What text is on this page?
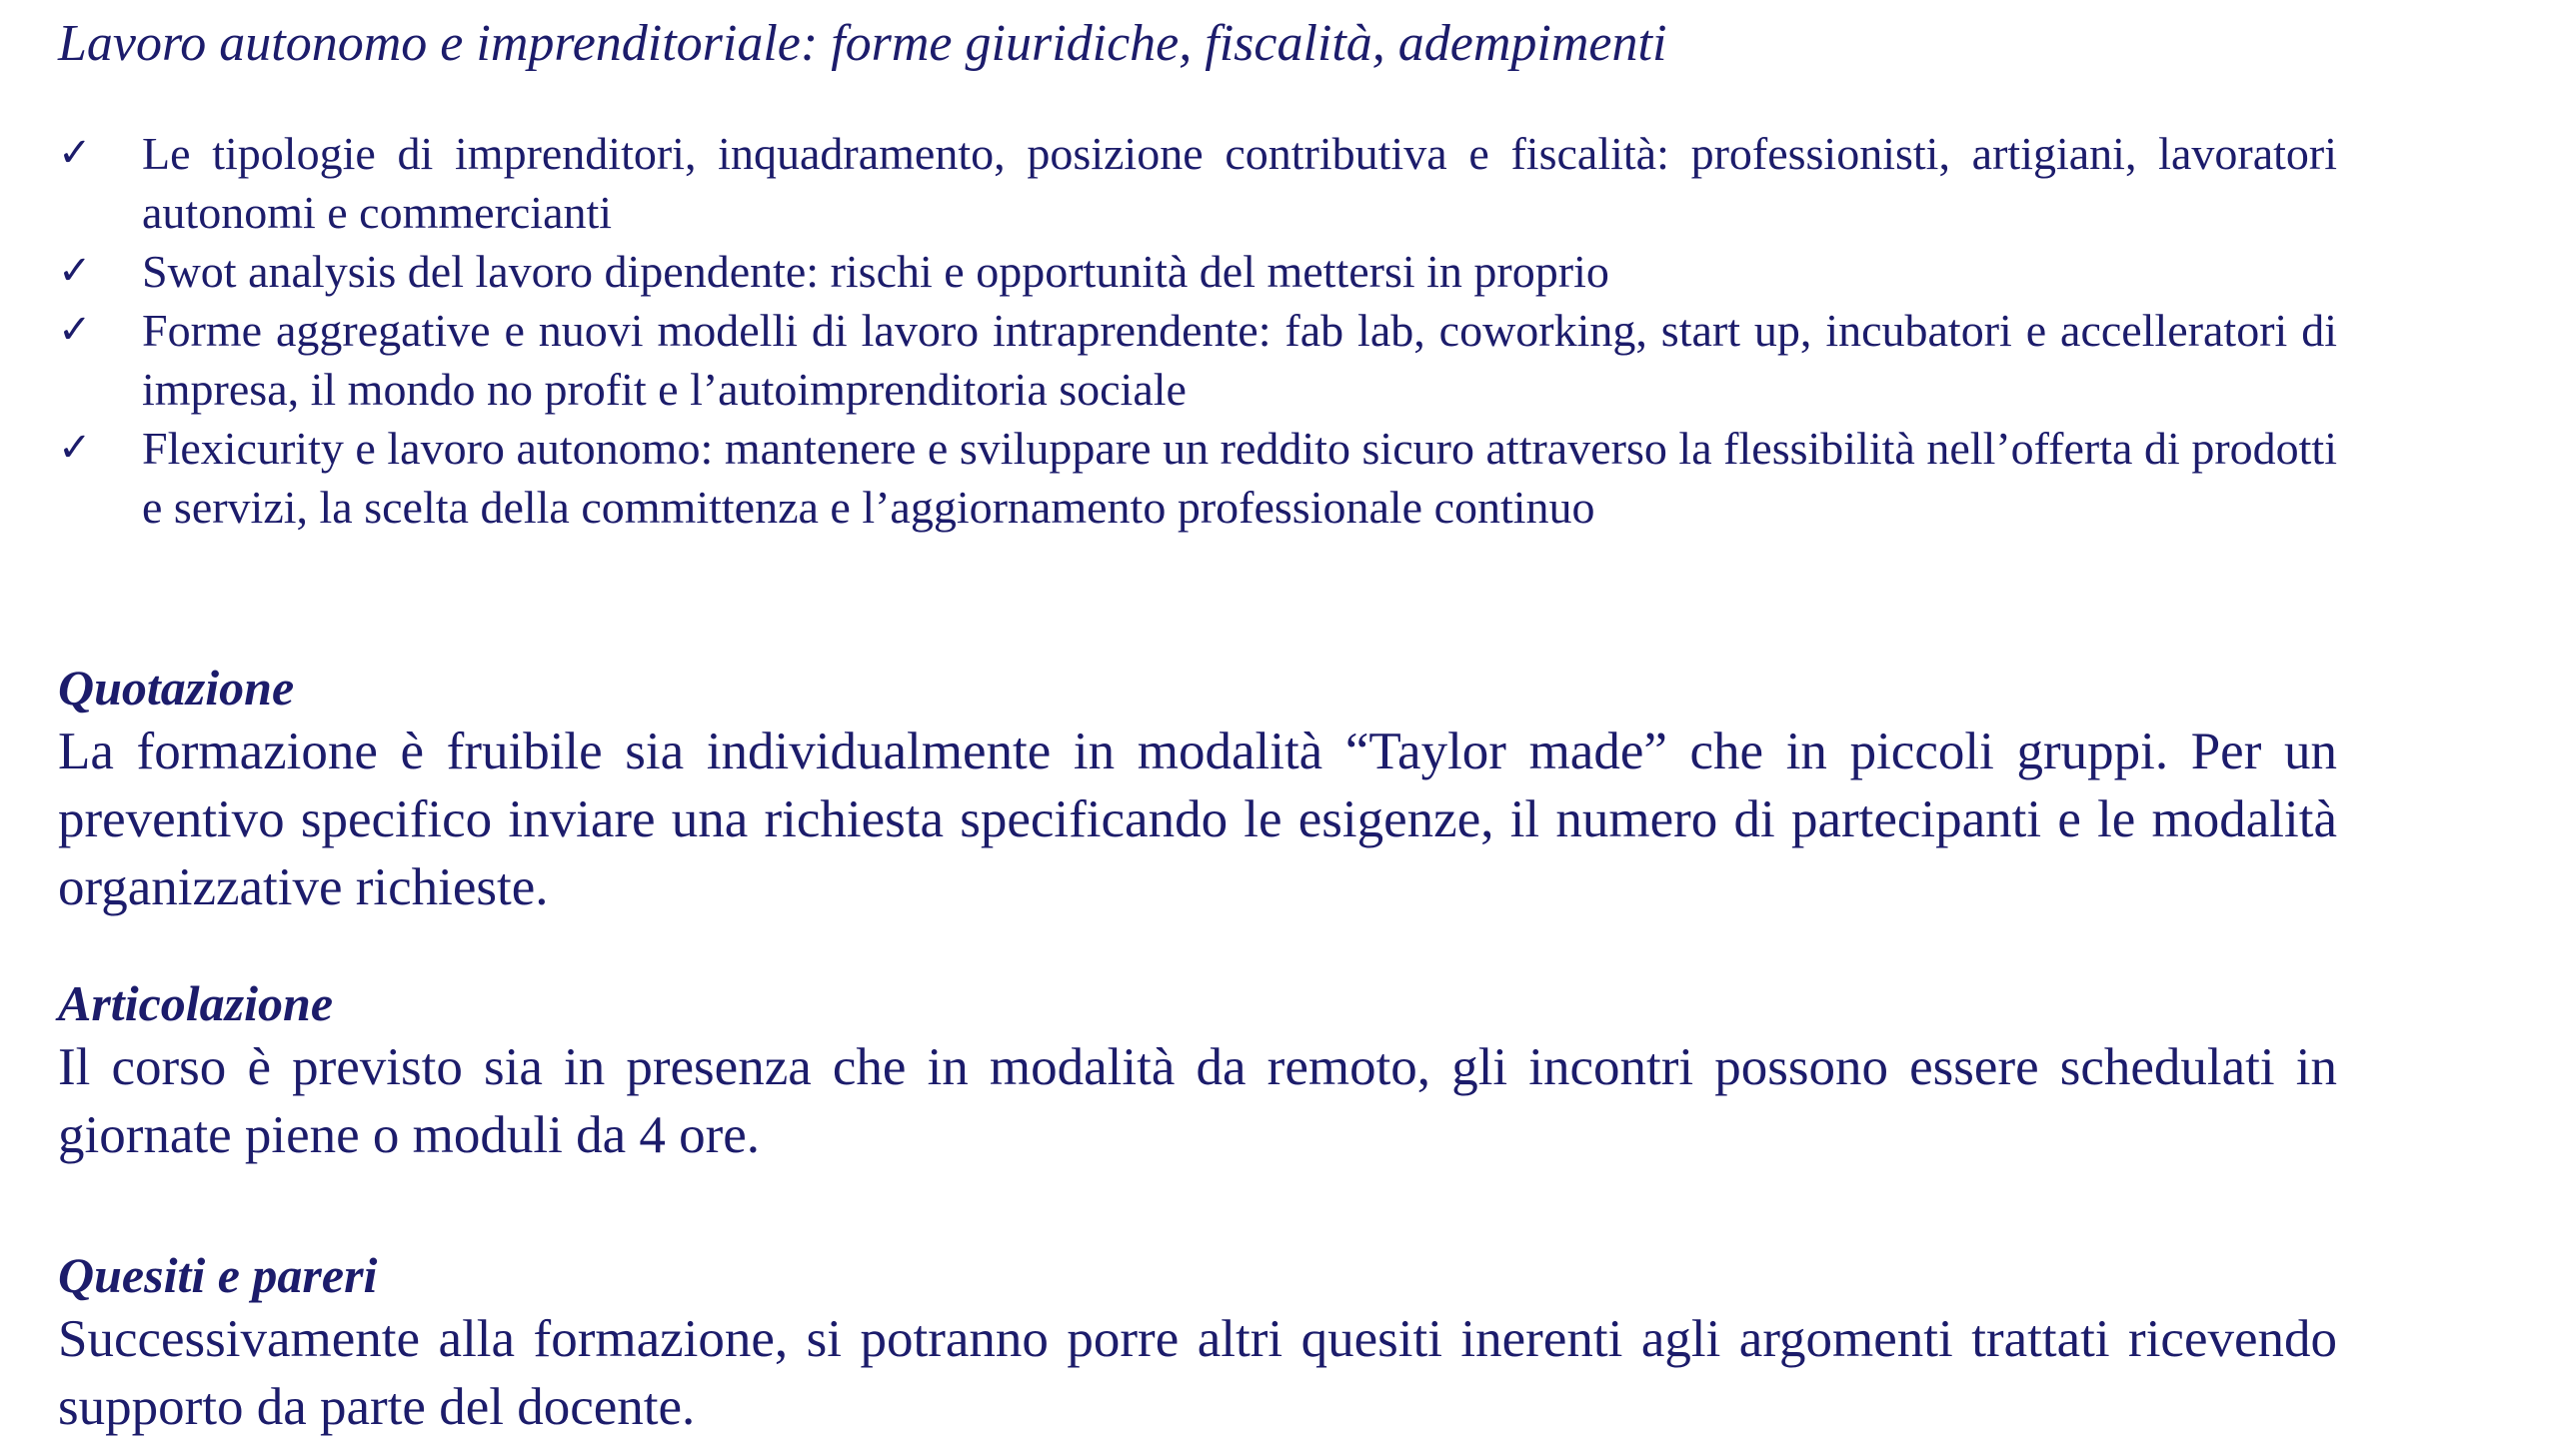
Lavoro autonomo e imprenditoriale: forme giuridiche, fiscalità, adempimenti
✓ Le tipologie di imprenditori, inquadramento, posizione contributiva e fiscalità: professionisti, artigiani, lavoratori autonomi e commercianti
✓ Swot analysis del lavoro dipendente: rischi e opportunità del mettersi in proprio
✓ Forme aggregative e nuovi modelli di lavoro intraprendente: fab lab, coworking, start up, incubatori e accelleratori di impresa, il mondo no profit e l’autoimprenditoria sociale
✓ Flexicurity e lavoro autonomo: mantenere e sviluppare un reddito sicuro attraverso la flessibilità nell’offerta di prodotti e servizi, la scelta della committenza e l’aggiornamento professionale continuo
Quotazione

La formazione è fruibile sia individualmente in modalità “Taylor made” che in piccoli gruppi. Per un preventivo specifico inviare una richiesta specificando le esigenze, il numero di partecipanti e le modalità organizzative richieste.

Articolazione

Il corso è previsto sia in presenza che in modalità da remoto, gli incontri possono essere schedulati in giornate piene o moduli da 4 ore.

Quesiti e pareri

Successivamente alla formazione, si potranno porre altri quesiti inerenti agli argomenti trattati ricevendo supporto da parte del docente.
